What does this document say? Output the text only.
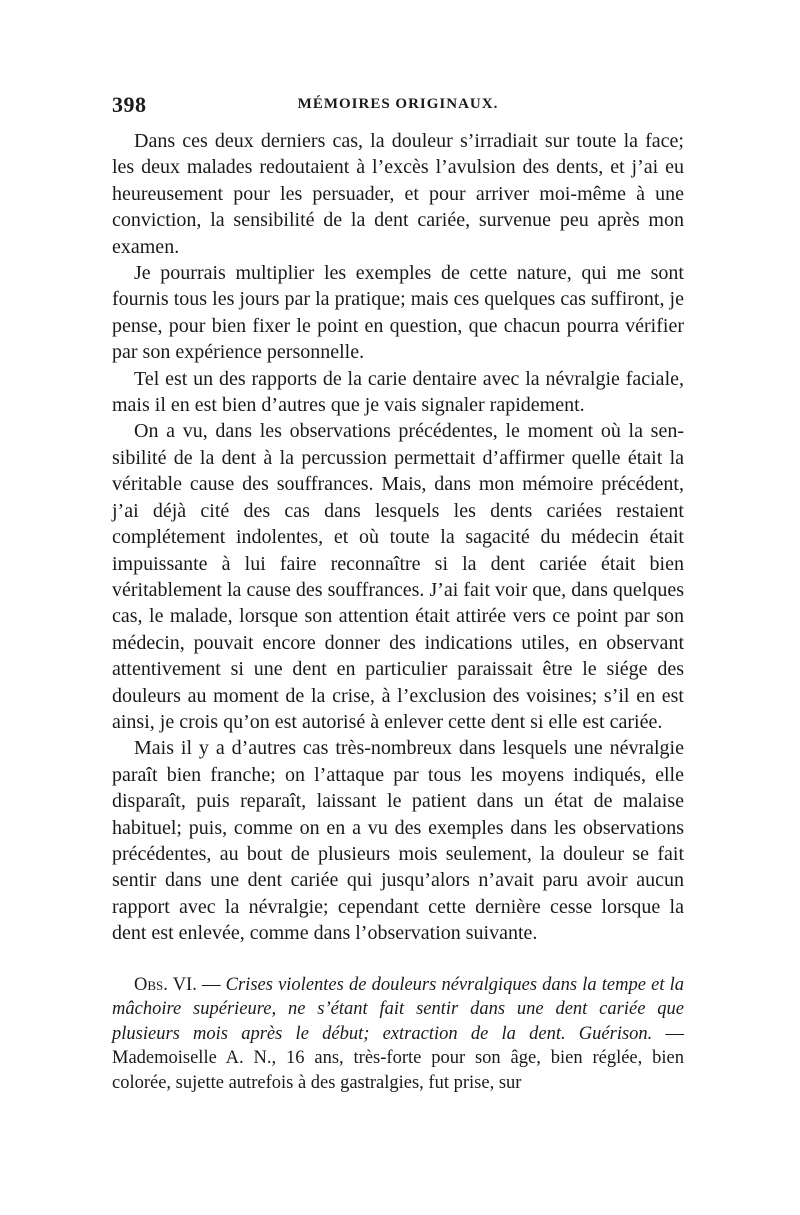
398	MÉMOIRES ORIGINAUX.

Dans ces deux derniers cas, la douleur s’irradiait sur toute la face; les deux malades redoutaient à l’excès l’avulsion des dents, et j’ai eu heureusement pour les persuader, et pour arriver moi-même à une conviction, la sensibilité de la dent cariée, survenue peu après mon examen.

Je pourrais multiplier les exemples de cette nature, qui me sont fournis tous les jours par la pratique; mais ces quelques cas suffiront, je pense, pour bien fixer le point en question, que chacun pourra vérifier par son expérience personnelle.

Tel est un des rapports de la carie dentaire avec la névralgie faciale, mais il en est bien d’autres que je vais signaler rapidement.

On a vu, dans les observations précédentes, le moment où la sensibilité de la dent à la percussion permettait d’affirmer quelle était la véritable cause des souffrances. Mais, dans mon mémoire précédent, j’ai déjà cité des cas dans lesquels les dents cariées restaient complétement indolentes, et où toute la sagacité du médecin était impuissante à lui faire reconnaître si la dent cariée était bien véritablement la cause des souffrances. J’ai fait voir que, dans quelques cas, le malade, lorsque son attention était attirée vers ce point par son médecin, pouvait encore donner des indications utiles, en observant attentivement si une dent en particulier paraissait être le siége des douleurs au moment de la crise, à l’exclusion des voisines; s’il en est ainsi, je crois qu’on est autorisé à enlever cette dent si elle est cariée.

Mais il y a d’autres cas très-nombreux dans lesquels une névralgie paraît bien franche; on l’attaque par tous les moyens indiqués, elle disparaît, puis reparaît, laissant le patient dans un état de malaise habituel; puis, comme on en a vu des exemples dans les observations précédentes, au bout de plusieurs mois seulement, la douleur se fait sentir dans une dent cariée qui jusqu’alors n’avait paru avoir aucun rapport avec la névralgie; cependant cette dernière cesse lorsque la dent est enlevée, comme dans l’observation suivante.

Obs. VI. — Crises violentes de douleurs névralgiques dans la tempe et la mâchoire supérieure, ne s’étant fait sentir dans une dent cariée que plusieurs mois après le début; extraction de la dent. Guérison. — Mademoiselle A. N., 16 ans, très-forte pour son âge, bien réglée, bien colorée, sujette autrefois à des gastralgies, fut prise, sur
